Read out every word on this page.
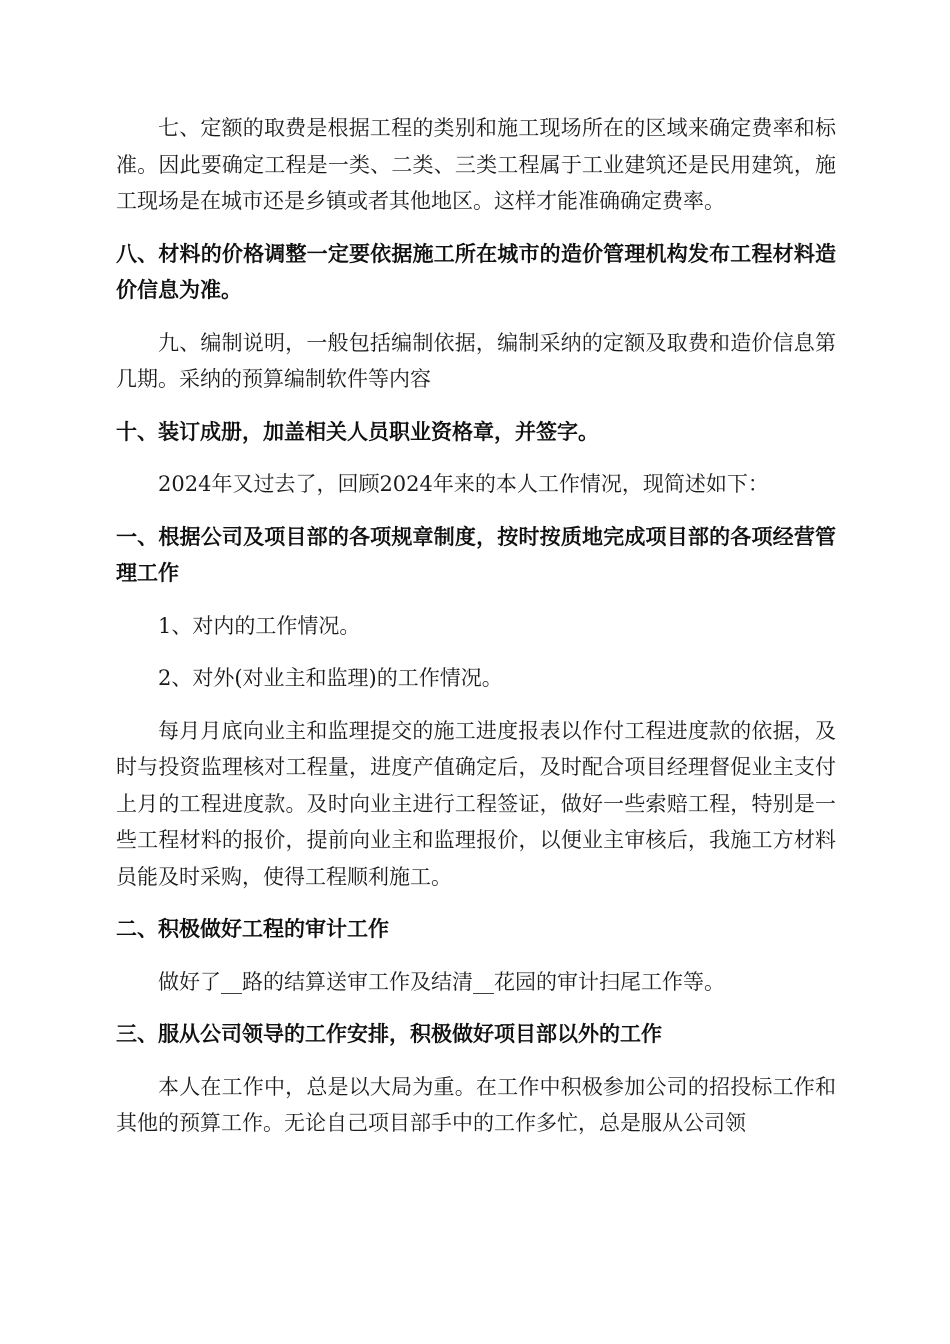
七、定额的取费是根据工程的类别和施工现场所在的区域来确定费率和标准。因此要确定工程是一类、二类、三类工程属于工业建筑还是民用建筑，施工现场是在城市还是乡镇或者其他地区。这样才能准确确定费率。

八、材料的价格调整一定要依据施工所在城市的造价管理机构发布工程材料造价信息为准。

九、编制说明，一般包括编制依据，编制采纳的定额及取费和造价信息第几期。采纳的预算编制软件等内容

十、装订成册，加盖相关人员职业资格章，并签字。

2024年又过去了，回顾2024年来的本人工作情况，现简述如下：

一、根据公司及项目部的各项规章制度，按时按质地完成项目部的各项经营管理工作

1、对内的工作情况。

2、对外(对业主和监理)的工作情况。

每月月底向业主和监理提交的施工进度报表以作付工程进度款的依据，及时与投资监理核对工程量，进度产值确定后，及时配合项目经理督促业主支付上月的工程进度款。及时向业主进行工程签证，做好一些索赔工程，特别是一些工程材料的报价，提前向业主和监理报价，以便业主审核后，我施工方材料员能及时采购，使得工程顺利施工。

二、积极做好工程的审计工作

做好了__路的结算送审工作及结清__花园的审计扫尾工作等。

三、服从公司领导的工作安排，积极做好项目部以外的工作

本人在工作中，总是以大局为重。在工作中积极参加公司的招投标工作和其他的预算工作。无论自己项目部手中的工作多忙，总是服从公司领
